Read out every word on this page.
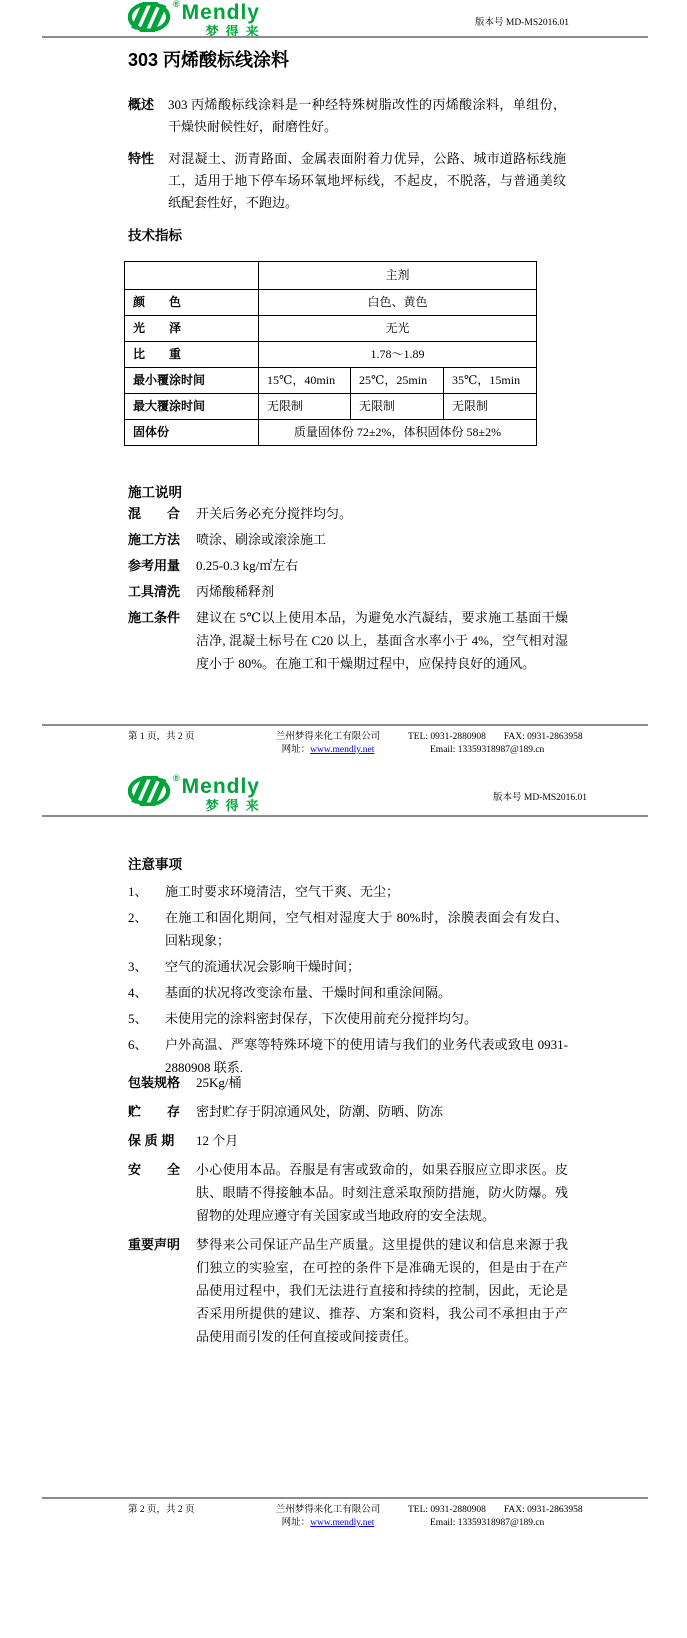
® Mendly
梦得来
版本号 MD-MS2016.01
303 丙烯酸标线涂料
概述 303 丙烯酸标线涂料是一种经特殊树脂改性的丙烯酸涂料，单组份，干燥快耐候性好，耐磨性好。

特性 对混凝土、沥青路面、金属表面附着力优异，公路、城市道路标线施工，适用于地下停车场环氧地坪标线，不起皮，不脱落，与普通美纹纸配套性好，不跑边。

技术指标
	主剂		
颜　　色	白色、黄色		
光　　泽	无光		
比　　重	1.78～1.89		
最小覆涂时间	15℃，40min	25℃，25min	35℃，15min
最大覆涂时间	无限制	无限制	无限制
固体份	质量固体份 72±2%，体积固体份 58±2%		
施工说明
混　　合	开关后务必充分搅拌均匀。

施工方法	喷涂、刷涂或滚涂施工

参考用量	0.25-0.3 kg/㎡左右

工具清洗	丙烯酸稀释剂

施工条件	建议在 5℃以上使用本品，为避免水汽凝结，要求施工基面干燥洁净, 混凝土标号在 C20 以上，基面含水率小于 4%，空气相对湿度小于 80%。在施工和干燥期过程中，应保持良好的通风。

第 1 页，共 2 页	兰州梦得来化工有限公司
网址：www.mendly.net
TEL: 0931-2880908 FAX: 0931-2863958
Email: 13359318987@189.cn
® Mendly
梦得来	版本号 MD-MS2016.01
注意事项
1、	施工时要求环境清洁，空气干爽、无尘；

2、	在施工和固化期间，空气相对湿度大于 80%时，涂膜表面会有发白、回粘现象；

3、	空气的流通状况会影响干燥时间；

4、	基面的状况将改变涂布量、干燥时间和重涂间隔。

5、	未使用完的涂料密封保存，下次使用前充分搅拌均匀。

6、	户外高温、严寒等特殊环境下的使用请与我们的业务代表或致电 0931-2880908 联系.

包装规格	25Kg/桶

贮　　存	密封贮存于阴凉通风处，防潮、防晒、防冻

保 质 期	12 个月

安　　全	小心使用本品。吞服是有害或致命的，如果吞服应立即求医。皮肤、眼睛不得接触本品。时刻注意采取预防措施，防火防爆。残留物的处理应遵守有关国家或当地政府的安全法规。

重要声明	梦得来公司保证产品生产质量。这里提供的建议和信息来源于我们独立的实验室，在可控的条件下是准确无误的，但是由于在产品使用过程中，我们无法进行直接和持续的控制，因此，无论是否采用所提供的建议、推荐、方案和资料，我公司不承担由于产品使用而引发的任何直接或间接责任。

第 2 页，共 2 页	兰州梦得来化工有限公司
网址：www.mendly.net
TEL: 0931-2880908 FAX: 0931-2863958
Email: 13359318987@189.cn
